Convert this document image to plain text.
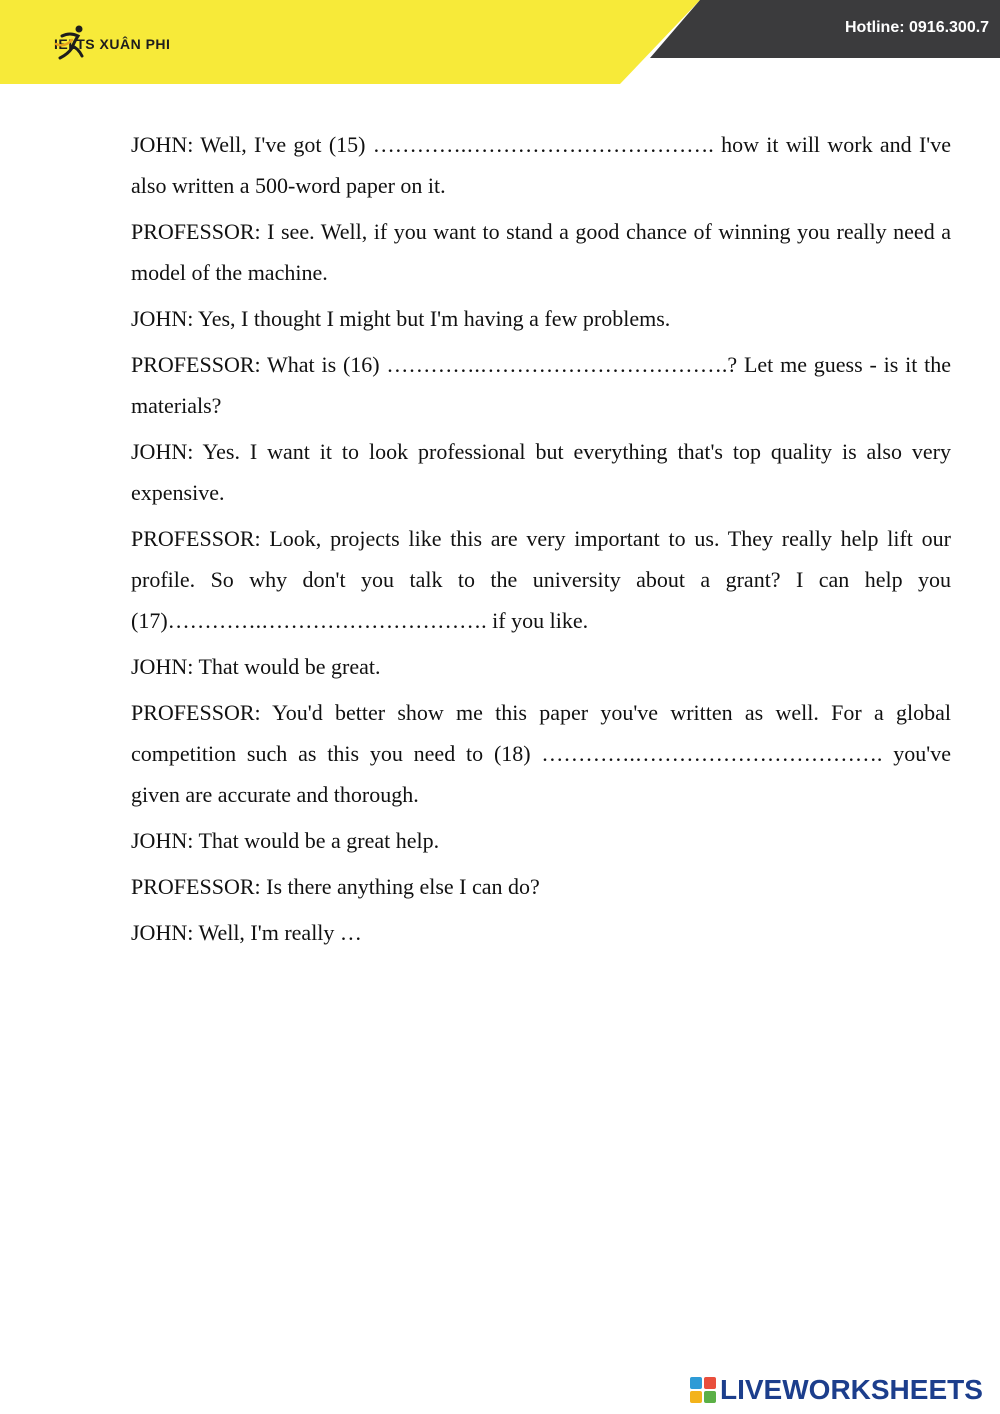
IELTS XUÂN PHI
Hotline: 0916.300.7

JOHN: Well, I've got (15) ………….……………………………. how it will work and I've also written a 500-word paper on it.

PROFESSOR: I see. Well, if you want to stand a good chance of winning you really need a model of the machine.

JOHN: Yes, I thought I might but I'm having a few problems.

PROFESSOR: What is (16) ………….…………………………….? Let me guess - is it the materials?

JOHN: Yes. I want it to look professional but everything that's top quality is also very expensive.

PROFESSOR: Look, projects like this are very important to us. They really help lift our profile. So why don't you talk to the university about a grant? I can help you (17)………….…………………………. if you like.

JOHN: That would be great.

PROFESSOR: You'd better show me this paper you've written as well. For a global competition such as this you need to (18) ………….……………………………. you've given are accurate and thorough.

JOHN: That would be a great help.

PROFESSOR: Is there anything else I can do?

JOHN: Well, I'm really …

LIVEWORKSHEETS
